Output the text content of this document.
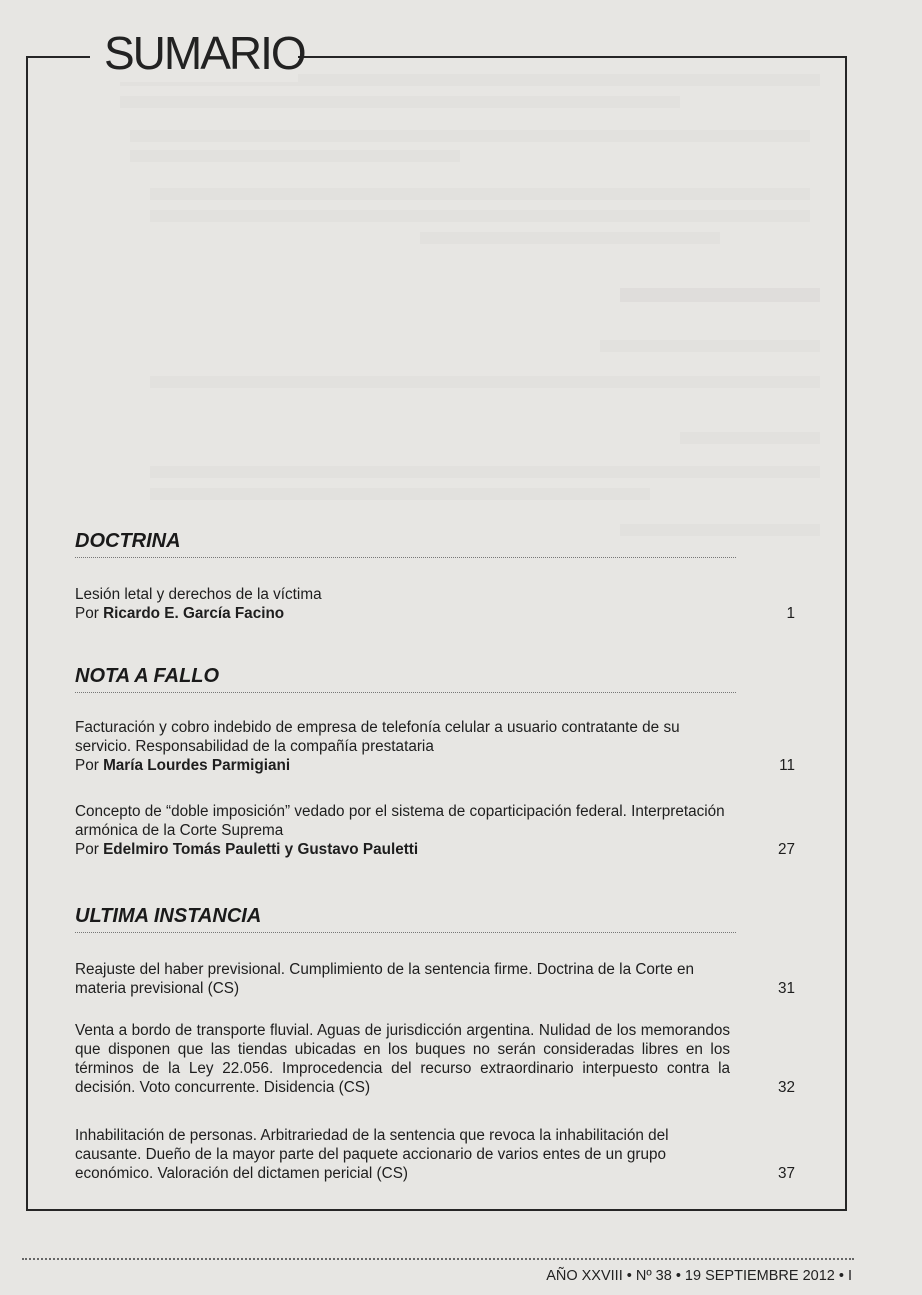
SUMARIO
DOCTRINA
Lesión letal y derechos de la víctima
Por Ricardo E. García Facino	1
NOTA A FALLO
Facturación y cobro indebido de empresa de telefonía celular a usuario contratante de su servicio. Responsabilidad de la compañía prestataria
Por María Lourdes Parmigiani	11
Concepto de “doble imposición” vedado por el sistema de coparticipación federal. Interpretación armónica de la Corte Suprema
Por Edelmiro Tomás Pauletti y Gustavo Pauletti	27
ULTIMA INSTANCIA
Reajuste del haber previsional. Cumplimiento de la sentencia firme. Doctrina de la Corte en materia previsional (CS)	31
Venta a bordo de transporte fluvial. Aguas de jurisdicción argentina. Nulidad de los memorandos que disponen que las tiendas ubicadas en los buques no serán consideradas libres en los términos de la Ley 22.056. Improcedencia del recurso extraordinario interpuesto contra la decisión. Voto concurrente. Disidencia (CS)	32
Inhabilitación de personas. Arbitrariedad de la sentencia que revoca la inhabilitación del causante. Dueño de la mayor parte del paquete accionario de varios entes de un grupo económico. Valoración del dictamen pericial (CS)	37
AÑO XXVIII • Nº 38 • 19 SEPTIEMBRE 2012 • I
